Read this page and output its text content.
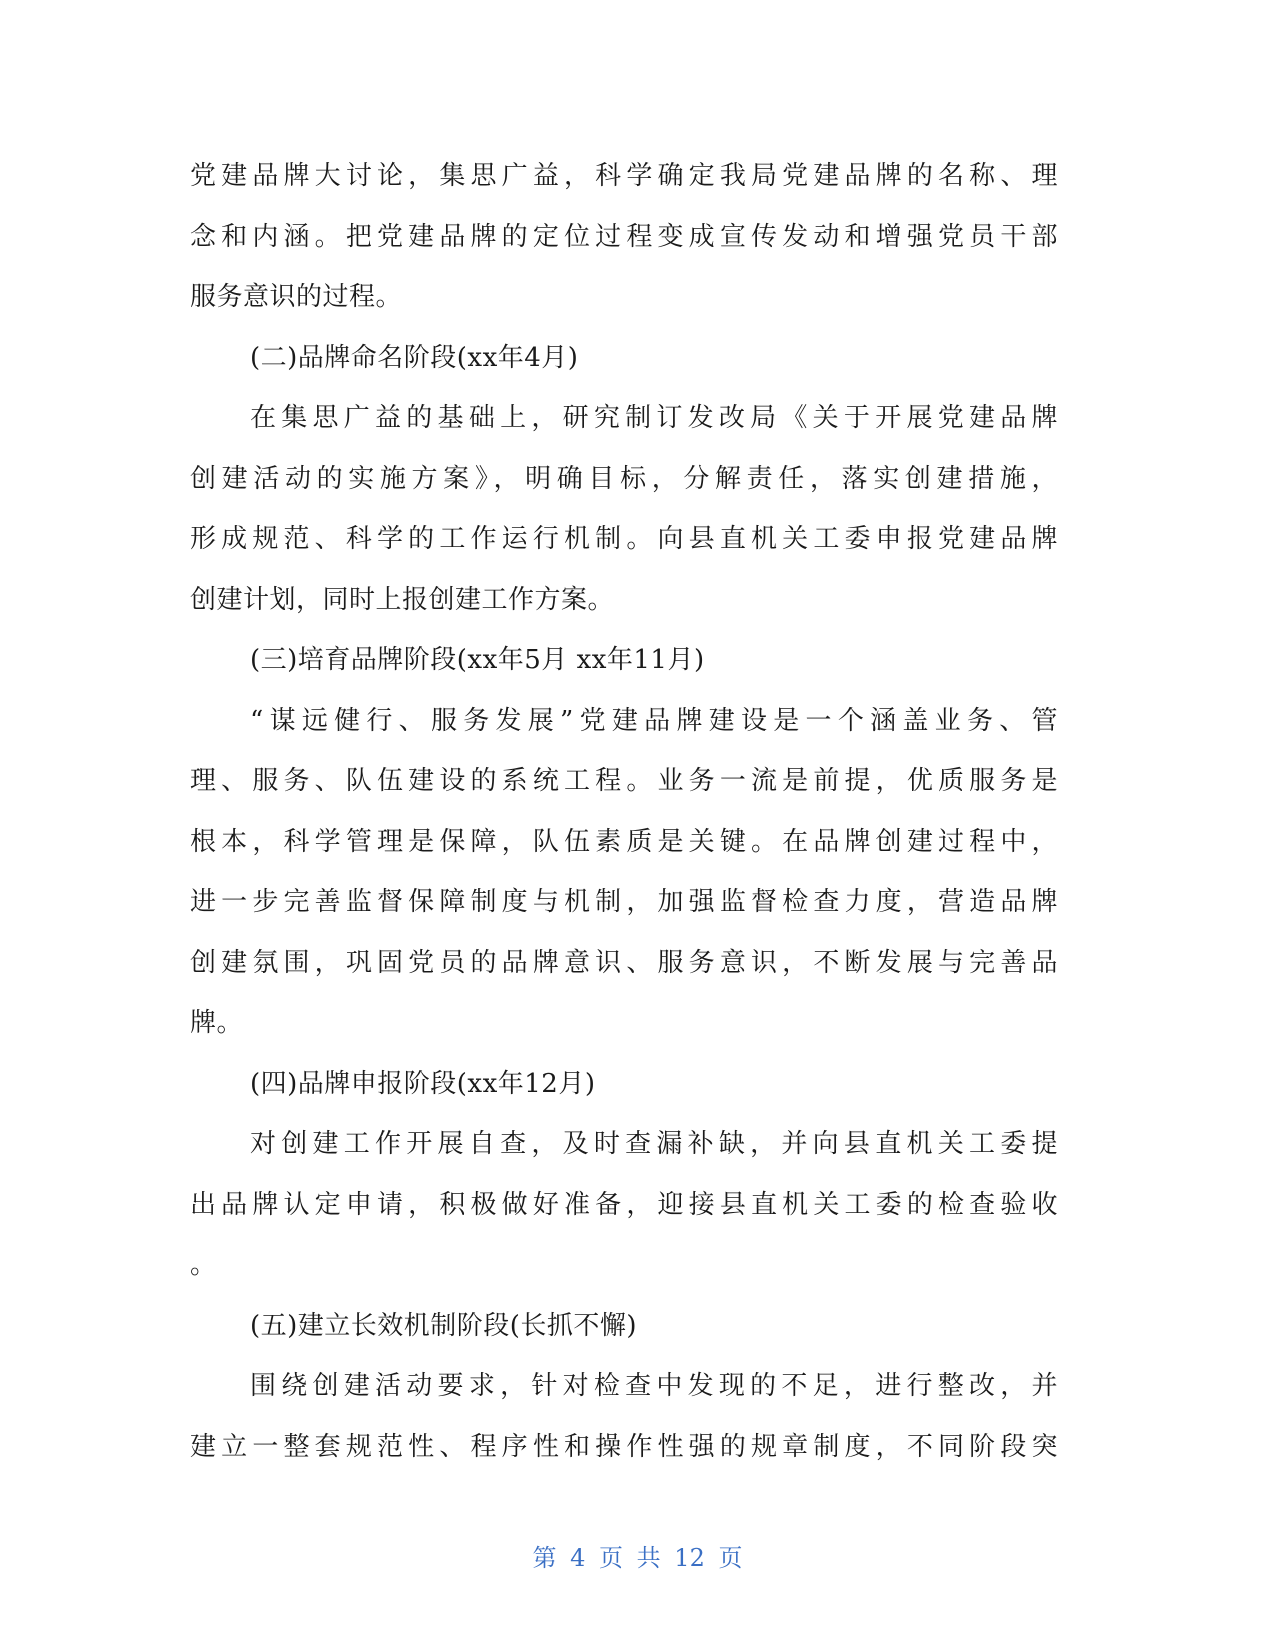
党建品牌大讨论，集思广益，科学确定我局党建品牌的名称、理
念和内涵。把党建品牌的定位过程变成宣传发动和增强党员干部
服务意识的过程。
(二)品牌命名阶段(xx年4月)
在集思广益的基础上，研究制订发改局《关于开展党建品牌
创建活动的实施方案》，明确目标，分解责任，落实创建措施，
形成规范、科学的工作运行机制。向县直机关工委申报党建品牌
创建计划，同时上报创建工作方案。
(三)培育品牌阶段(xx年5月 xx年11月)
“谋远健行、服务发展”党建品牌建设是一个涵盖业务、管
理、服务、队伍建设的系统工程。业务一流是前提，优质服务是
根本，科学管理是保障，队伍素质是关键。在品牌创建过程中，
进一步完善监督保障制度与机制，加强监督检查力度，营造品牌
创建氛围，巩固党员的品牌意识、服务意识，不断发展与完善品
牌。
(四)品牌申报阶段(xx年12月)
对创建工作开展自查，及时查漏补缺，并向县直机关工委提
出品牌认定申请，积极做好准备，迎接县直机关工委的检查验收
。
(五)建立长效机制阶段(长抓不懈)
围绕创建活动要求，针对检查中发现的不足，进行整改，并
建立一整套规范性、程序性和操作性强的规章制度，不同阶段突
第 4 页 共 12 页
